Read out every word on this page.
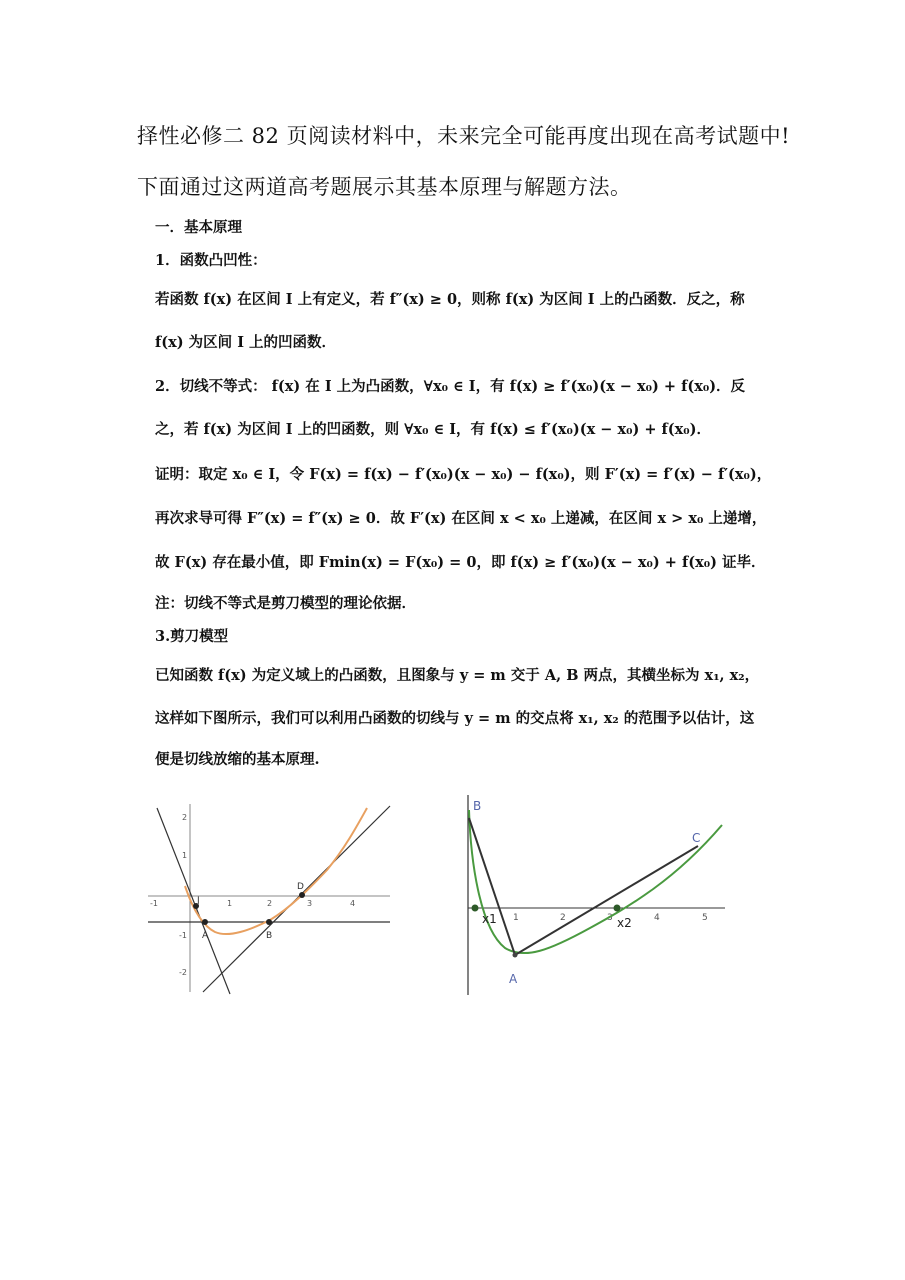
择性必修二 82 页阅读材料中，未来完全可能再度出现在高考试题中!

下面通过这两道高考题展示其基本原理与解题方法。

一．基本原理

1．函数凸凹性：

若函数 f(x) 在区间 I 上有定义，若 f″(x) ≥ 0，则称 f(x) 为区间 I 上的凸函数．反之，称

f(x) 为区间 I 上的凹函数．

2．切线不等式： f(x) 在 I 上为凸函数，∀x₀ ∈ I，有 f(x) ≥ f′(x₀)(x − x₀) + f(x₀)．反

之，若 f(x) 为区间 I 上的凹函数，则 ∀x₀ ∈ I，有 f(x) ≤ f′(x₀)(x − x₀) + f(x₀)．

证明：取定 x₀ ∈ I，令 F(x) = f(x) − f′(x₀)(x − x₀) − f(x₀)，则 F′(x) = f′(x) − f′(x₀)，

再次求导可得 F″(x) = f″(x) ≥ 0．故 F′(x) 在区间 x < x₀ 上递减，在区间 x > x₀ 上递增，

故 F(x) 存在最小值，即 Fmin(x) = F(x₀) = 0，即 f(x) ≥ f′(x₀)(x − x₀) + f(x₀) 证毕．

注：切线不等式是剪刀模型的理论依据．

3.剪刀模型

已知函数 f(x) 为定义域上的凸函数，且图象与 y = m 交于 A, B 两点，其横坐标为 x₁, x₂，

这样如下图所示，我们可以利用凸函数的切线与 y = m 的交点将 x₁, x₂ 的范围予以估计，这

便是切线放缩的基本原理.

-1	1	2	3	4
2
1
-1
-2
J
A	B
D
1	2	3	4	5
B
C
A
x1	x2
